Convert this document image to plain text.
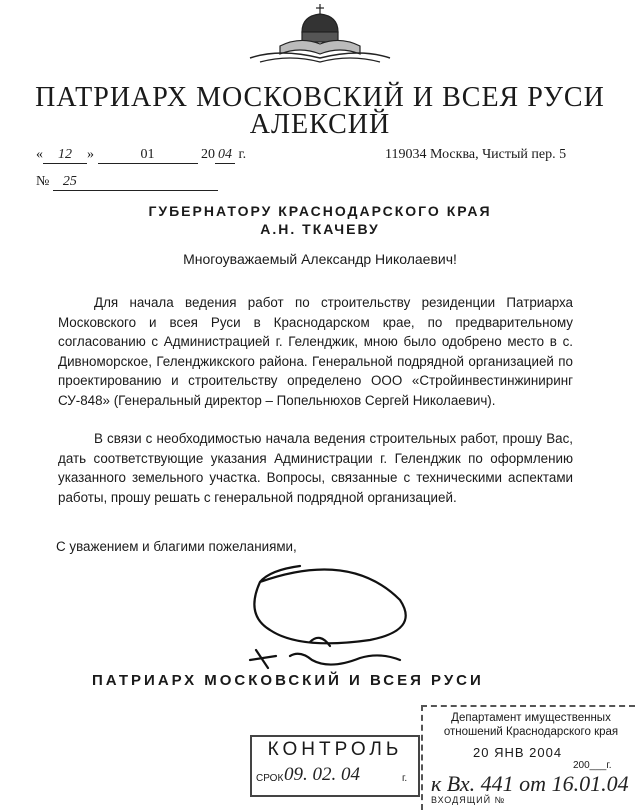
ПАТРИАРХ МОСКОВСКИЙ И ВСЕЯ РУСИ
АЛЕКСИЙ
« 12 »	01	20 04 г.	119034 Москва, Чистый пер. 5
№ 25
ГУБЕРНАТОРУ КРАСНОДАРСКОГО КРАЯ
А.Н. ТКАЧЕВУ
Многоуважаемый Александр Николаевич!
Для начала ведения работ по строительству резиденции Патриарха Московского и всея Руси в Краснодарском крае, по предварительному согласованию с Администрацией г. Геленджик, мною было одобрено место в с. Дивноморское, Геленджикского района. Генеральной подрядной организацией по проектированию и строительству определено ООО «Стройинвестинжиниринг СУ-848» (Генеральный директор – Попельнюхов Сергей Николаевич).
В связи с необходимостью начала ведения строительных работ, прошу Вас, дать соответствующие указания Администрации г. Геленджик по оформлению указанного земельного участка. Вопросы, связанные с техническими аспектами работы, прошу решать с генеральной подрядной организацией.
С уважением и благими пожеланиями,
ПАТРИАРХ МОСКОВСКИЙ И ВСЕЯ РУСИ
КОНТРОЛЬ
СРОК 09. 02. 04	г.
Департамент имущественных
отношений Краснодарского края
20 ЯНВ 2004
200___г.
к Вх. 441 от 16.01.04
ВХОДЯЩИЙ №
